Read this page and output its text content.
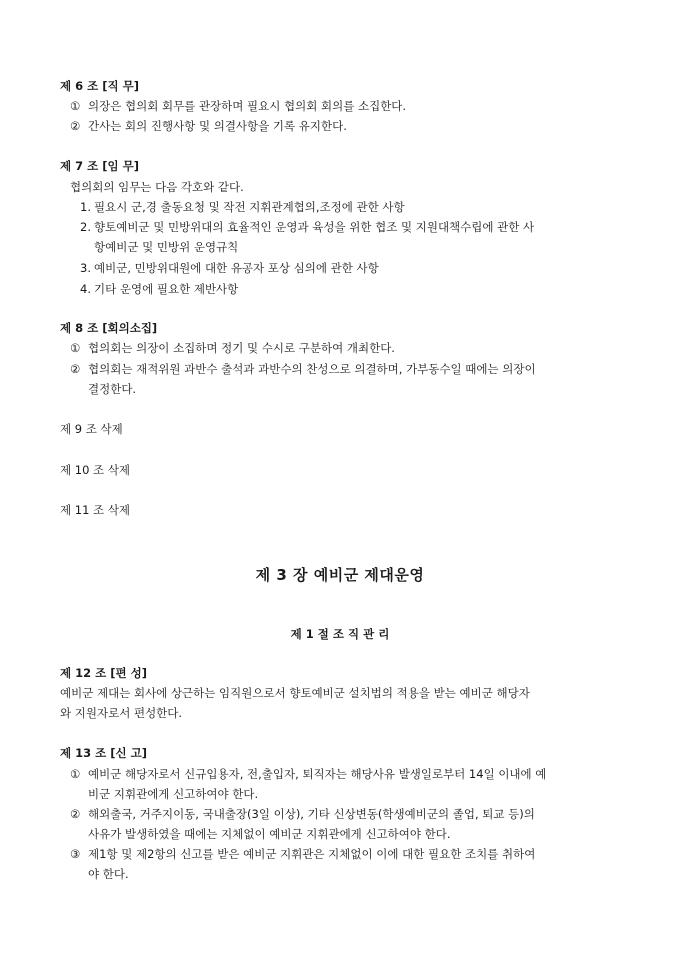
제 6 조 [직 무]
① 의장은 협의회 회무를 관장하며 필요시 협의회 회의를 소집한다.
② 간사는 회의 진행사항 및 의결사항을 기록 유지한다.
제 7 조 [임 무]
협의회의 임무는 다음 각호와 같다.
1. 필요시 군,경 출동요청 및 작전 지휘관계협의,조정에 관한 사항
2. 향토예비군 및 민방위대의 효율적인 운영과 육성을 위한 협조 및 지원대책수립에 관한 사
항예비군 및 민방위 운영규칙
3. 예비군, 민방위대원에 대한 유공자 포상 심의에 관한 사항
4. 기타 운영에 필요한 제반사항
제 8 조 [회의소집]
① 협의회는 의장이 소집하며 정기 및 수시로 구분하여 개최한다.
② 협의회는 재적위원 과반수 출석과 과반수의 찬성으로 의결하며, 가부동수일 때에는 의장이
결정한다.
제 9 조 삭제
제 10 조 삭제
제 11 조 삭제
제 3 장 예비군 제대운영
제 1 절 조 직 관 리
제 12 조 [편 성]
예비군 제대는 회사에 상근하는 임직원으로서 향토예비군 설치법의 적용을 받는 예비군 해당자
와 지원자로서 편성한다.
제 13 조 [신 고]
① 예비군 해당자로서 신규입용자, 전,출입자, 퇴직자는 해당사유 발생일로부터 14일 이내에 예
비군 지휘관에게 신고하여야 한다.
② 해외출국, 거주지이동, 국내출장(3일 이상), 기타 신상변동(학생예비군의 졸업, 퇴교 등)의
사유가 발생하였을 때에는 지체없이 예비군 지휘관에게 신고하여야 한다.
③ 제1항 및 제2항의 신고를 받은 예비군 지휘관은 지체없이 이에 대한 필요한 조치를 취하여
야 한다.
